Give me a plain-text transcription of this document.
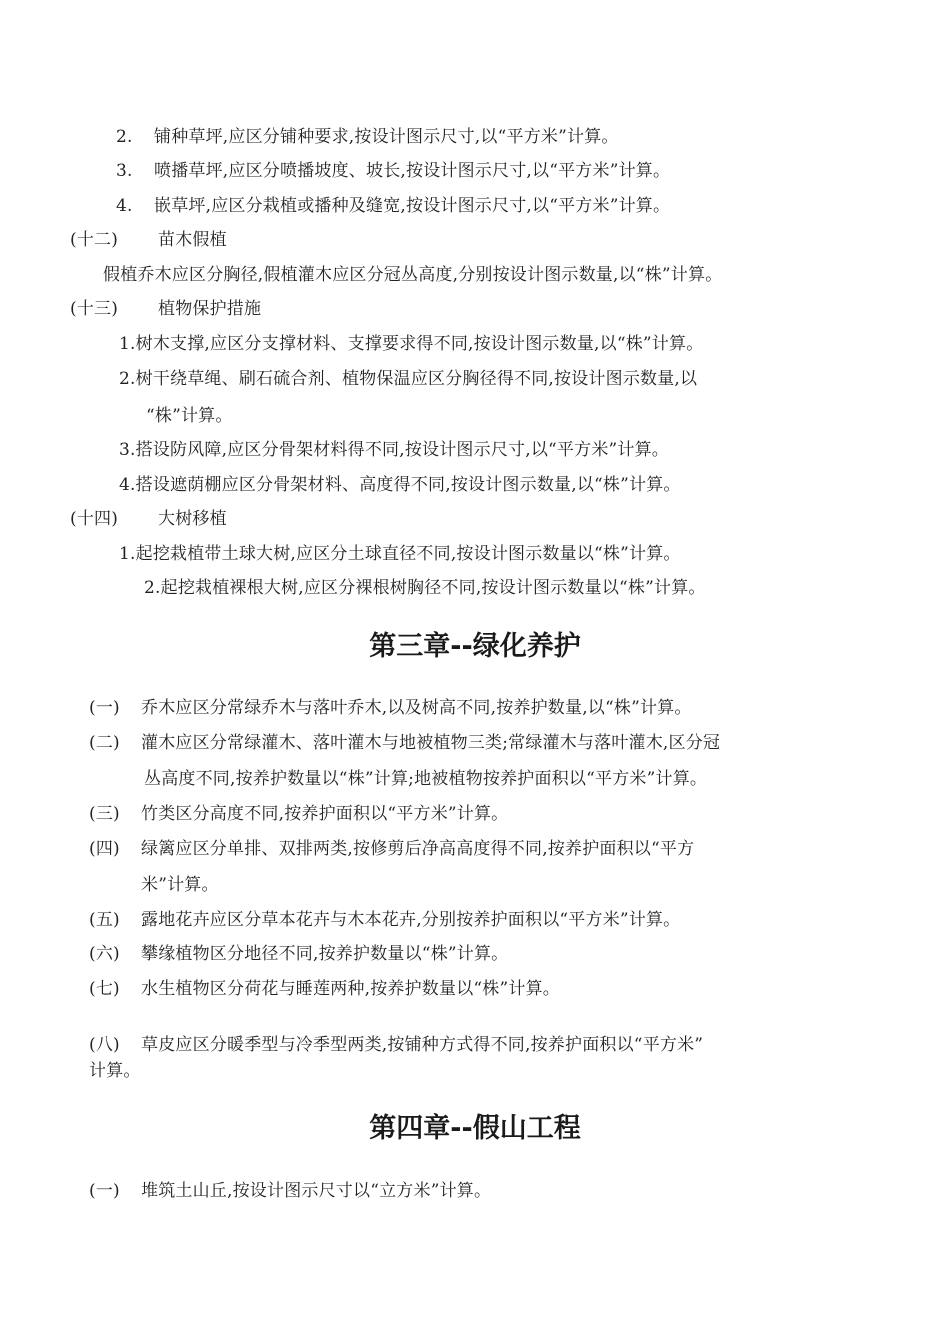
2. 铺种草坪,应区分铺种要求,按设计图示尺寸,以“平方米”计算。
3. 喷播草坪,应区分喷播坡度、坡长,按设计图示尺寸,以“平方米”计算。
4. 嵌草坪,应区分栽植或播种及缝宽,按设计图示尺寸,以“平方米”计算。
(十二) 苗木假植
假植乔木应区分胸径,假植灌木应区分冠丛高度,分别按设计图示数量,以“株”计算。
(十三) 植物保护措施
1.树木支撑,应区分支撑材料、支撑要求得不同,按设计图示数量,以“株”计算。
2.树干绕草绳、刷石硫合剂、植物保温应区分胸径得不同,按设计图示数量,以
“株”计算。
3.搭设防风障,应区分骨架材料得不同,按设计图示尺寸,以“平方米”计算。
4.搭设遮荫棚应区分骨架材料、高度得不同,按设计图示数量,以“株”计算。
(十四) 大树移植
1.起挖栽植带土球大树,应区分土球直径不同,按设计图示数量以“株”计算。
2.起挖栽植裸根大树,应区分裸根树胸径不同,按设计图示数量以“株”计算。
第三章--绿化养护
(一) 乔木应区分常绿乔木与落叶乔木,以及树高不同,按养护数量,以“株”计算。
(二) 灌木应区分常绿灌木、落叶灌木与地被植物三类;常绿灌木与落叶灌木,区分冠
丛高度不同,按养护数量以“株”计算;地被植物按养护面积以“平方米”计算。
(三) 竹类区分高度不同,按养护面积以“平方米”计算。
(四) 绿篱应区分单排、双排两类,按修剪后净高高度得不同,按养护面积以“平方
米”计算。
(五) 露地花卉应区分草本花卉与木本花卉,分别按养护面积以“平方米”计算。
(六) 攀缘植物区分地径不同,按养护数量以“株”计算。
(七) 水生植物区分荷花与睡莲两种,按养护数量以“株”计算。
(八) 草皮应区分暖季型与冷季型两类,按铺种方式得不同,按养护面积以“平方米”
计算。
第四章--假山工程
(一) 堆筑土山丘,按设计图示尺寸以“立方米”计算。
